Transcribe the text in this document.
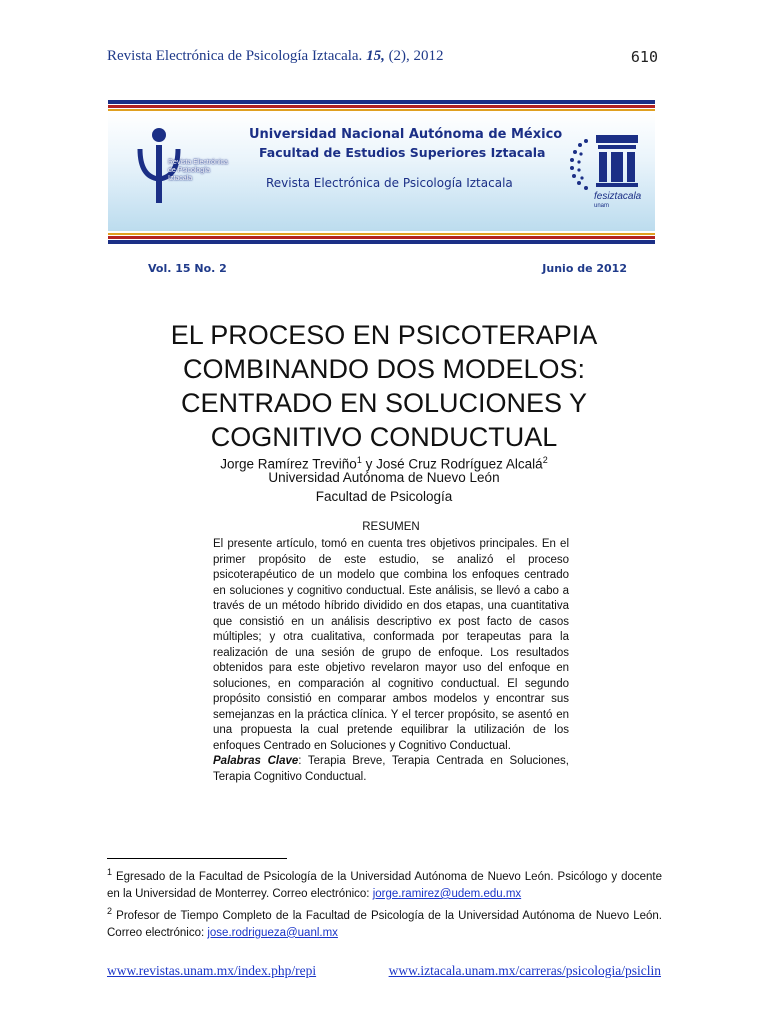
Revista Electrónica de Psicología Iztacala. 15, (2), 2012	610
Revista Electrónica
de Psicología
Iztacala
Universidad Nacional Autónoma de México
Facultad de Estudios Superiores Iztacala
Revista Electrónica de Psicología Iztacala
fesiztacala
unam
Vol. 15 No. 2	Junio de 2012
EL PROCESO EN PSICOTERAPIA
COMBINANDO DOS MODELOS:
CENTRADO EN SOLUCIONES Y
COGNITIVO CONDUCTUAL
Jorge Ramírez Treviño$^1$ y José Cruz Rodríguez Alcalá$^2$
Universidad Autónoma de Nuevo León
Facultad de Psicología
RESUMEN

El presente artículo, tomó en cuenta tres objetivos principales. En el primer propósito de este estudio, se analizó el proceso psicoterapéutico de un modelo que combina los enfoques centrado en soluciones y cognitivo conductual. Este análisis, se llevó a cabo a través de un método híbrido dividido en dos etapas, una cuantitativa que consistió en un análisis descriptivo ex post facto de casos múltiples; y otra cualitativa, conformada por terapeutas para la realización de una sesión de grupo de enfoque. Los resultados obtenidos para este objetivo revelaron mayor uso del enfoque en soluciones, en comparación al cognitivo conductual. El segundo propósito consistió en comparar ambos modelos y encontrar sus semejanzas en la práctica clínica. Y el tercer propósito, se asentó en una propuesta la cual pretende equilibrar la utilización de los enfoques Centrado en Soluciones y Cognitivo Conductual.

Palabras Clave: Terapia Breve, Terapia Centrada en Soluciones, Terapia Cognitivo Conductual.

$^1$ Egresado de la Facultad de Psicología de la Universidad Autónoma de Nuevo León. Psicólogo y docente en la Universidad de Monterrey. Correo electrónico: jorge.ramirez@udem.edu.mx

$^2$ Profesor de Tiempo Completo de la Facultad de Psicología de la Universidad Autónoma de Nuevo León. Correo electrónico: jose.rodrigueza@uanl.mx

www.revistas.unam.mx/index.php/repi	www.iztacala.unam.mx/carreras/psicologia/psiclin
